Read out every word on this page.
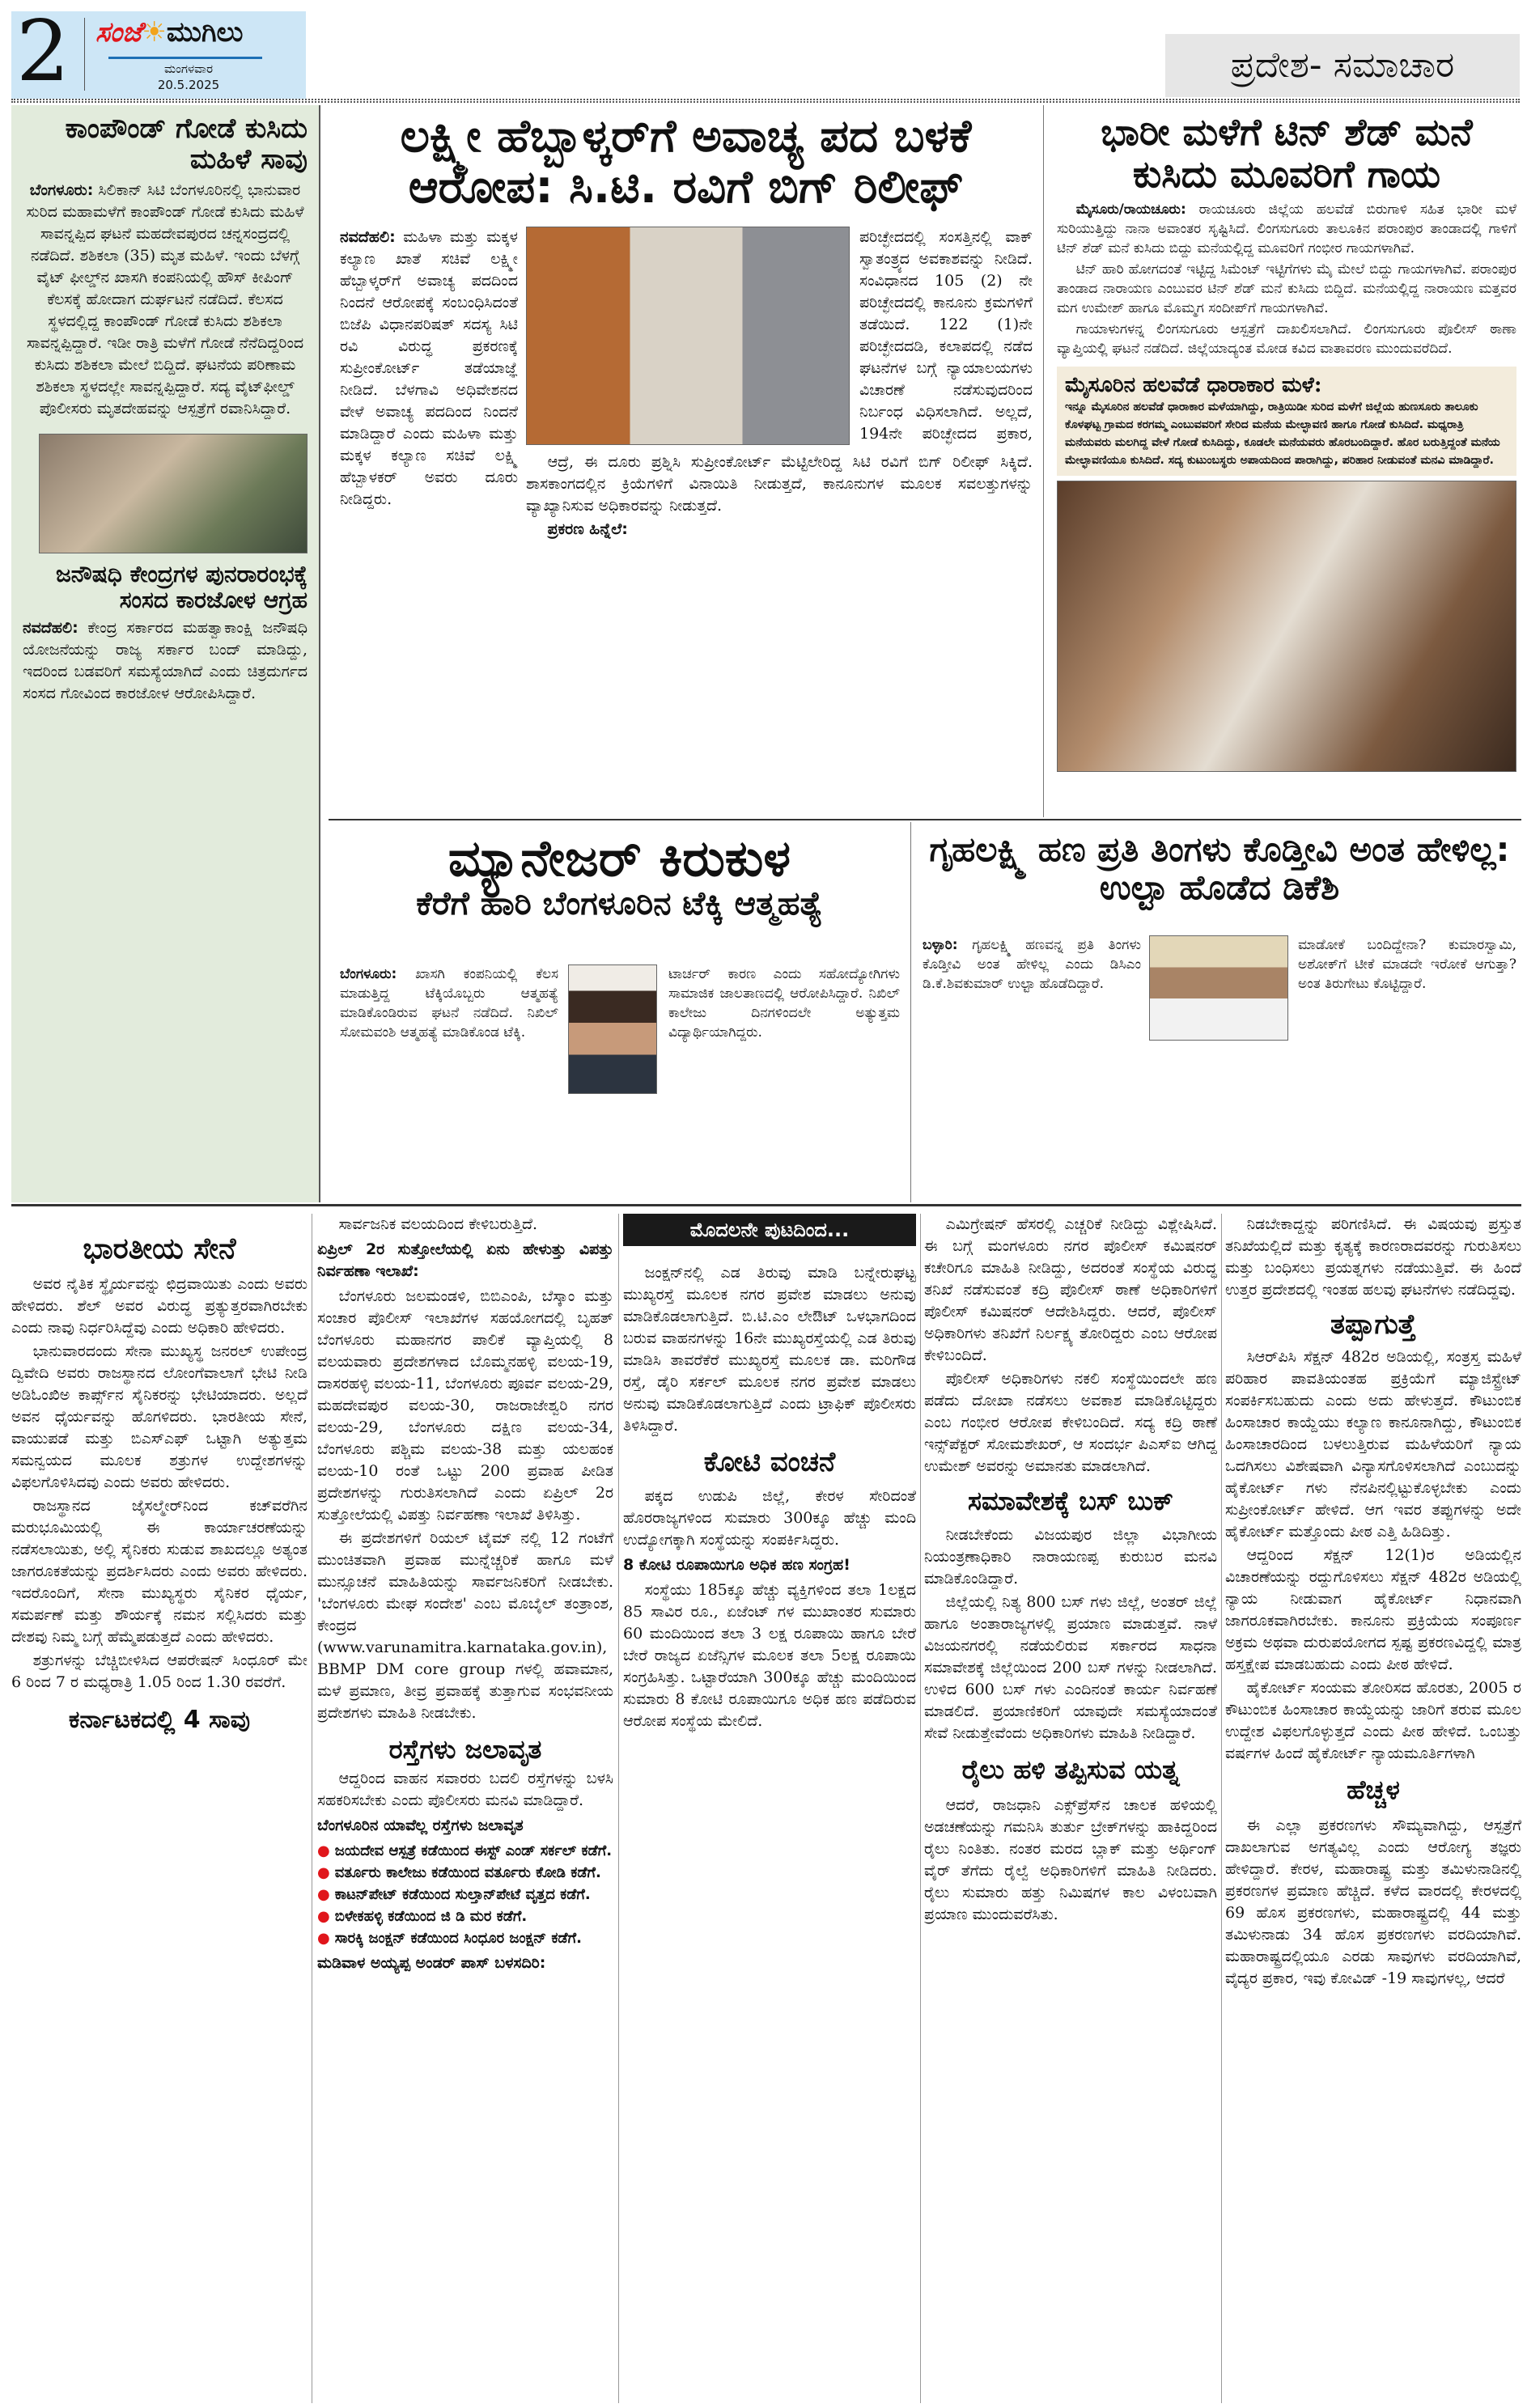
2 ಸಂಜೆ☀ಮುಗಿಲು
ಮಂಗಳವಾರ
20.5.2025	ಪ್ರದೇಶ- ಸಮಾಚಾರ
ಕಾಂಪೌಂಡ್ ಗೋಡೆ ಕುಸಿದು ಮಹಿಳೆ ಸಾವು
ಬೆಂಗಳೂರು: ಸಿಲಿಕಾನ್ ಸಿಟಿ ಬೆಂಗಳೂರಿನಲ್ಲಿ ಭಾನುವಾರ ಸುರಿದ ಮಹಾಮಳೆಗೆ ಕಾಂಪೌಂಡ್ ಗೋಡೆ ಕುಸಿದು ಮಹಿಳೆ ಸಾವನ್ನಪ್ಪಿದ ಘಟನೆ ಮಹದೇವಪುರದ ಚನ್ನಸಂದ್ರದಲ್ಲಿ ನಡೆದಿದೆ. ಶಶಿಕಲಾ (35) ಮೃತ ಮಹಿಳೆ. ಇಂದು ಬೆಳಗ್ಗೆ ವೈಟ್ ಫೀಲ್ಡ್‌ನ ಖಾಸಗಿ ಕಂಪನಿಯಲ್ಲಿ ಹೌಸ್ ಕೀಪಿಂಗ್ ಕೆಲಸಕ್ಕೆ ಹೋದಾಗ ದುರ್ಘಟನೆ ನಡೆದಿದೆ. ಕೆಲಸದ ಸ್ಥಳದಲ್ಲಿದ್ದ ಕಾಂಪೌಂಡ್ ಗೋಡೆ ಕುಸಿದು ಶಶಿಕಲಾ ಸಾವನ್ನಪ್ಪಿದ್ದಾರೆ. ಇಡೀ ರಾತ್ರಿ ಮಳೆಗೆ ಗೋಡೆ ನೆನೆದಿದ್ದರಿಂದ ಕುಸಿದು ಶಶಿಕಲಾ ಮೇಲೆ ಬಿದ್ದಿದೆ. ಘಟನೆಯ ಪರಿಣಾಮ ಶಶಿಕಲಾ ಸ್ಥಳದಲ್ಲೇ ಸಾವನ್ನಪ್ಪಿದ್ದಾರೆ. ಸದ್ಯ ವೈಟ್‌ಫೀಲ್ಡ್ ಪೊಲೀಸರು ಮೃತದೇಹವನ್ನು ಆಸ್ಪತ್ರೆಗೆ ರವಾನಿಸಿದ್ದಾರೆ.
ಜನೌಷಧಿ ಕೇಂದ್ರಗಳ ಪುನರಾರಂಭಕ್ಕೆ ಸಂಸದ ಕಾರಜೋಳ ಆಗ್ರಹ
ನವದೆಹಲಿ: ಕೇಂದ್ರ ಸರ್ಕಾರದ ಮಹತ್ವಾಕಾಂಕ್ಷಿ ಜನೌಷಧಿ ಯೋಜನೆಯನ್ನು ರಾಜ್ಯ ಸರ್ಕಾರ ಬಂದ್ ಮಾಡಿದ್ದು, ಇದರಿಂದ ಬಡವರಿಗೆ ಸಮಸ್ಯೆಯಾಗಿದೆ ಎಂದು ಚಿತ್ರದುರ್ಗದ ಸಂಸದ ಗೋವಿಂದ ಕಾರಜೋಳ ಆರೋಪಿಸಿದ್ದಾರೆ.
ಲಕ್ಷ್ಮೀ ಹೆಬ್ಬಾಳ್ಕರ್‌ಗೆ ಅವಾಚ್ಯ ಪದ ಬಳಕೆ ಆರೋಪ: ಸಿ.ಟಿ. ರವಿಗೆ ಬಿಗ್ ರಿಲೀಫ್
ನವದೆಹಲಿ: ಮಹಿಳಾ ಮತ್ತು ಮಕ್ಕಳ ಕಲ್ಯಾಣ ಖಾತೆ ಸಚಿವೆ ಲಕ್ಷ್ಮೀ ಹೆಬ್ಬಾಳ್ಕರ್‌ಗೆ ಅವಾಚ್ಯ ಪದದಿಂದ ನಿಂದನೆ ಆರೋಪಕ್ಕೆ ಸಂಬಂಧಿಸಿದಂತೆ ಬಿಜೆಪಿ ವಿಧಾನಪರಿಷತ್ ಸದಸ್ಯ ಸಿಟಿ ರವಿ ವಿರುದ್ಧ ಪ್ರಕರಣಕ್ಕೆ ಸುಪ್ರೀಂಕೋರ್ಟ್ ತಡೆಯಾಜ್ಞೆ ನೀಡಿದೆ. ಬೆಳಗಾವಿ ಅಧಿವೇಶನದ ವೇಳೆ ಅವಾಚ್ಯ ಪದದಿಂದ ನಿಂದನೆ ಮಾಡಿದ್ದಾರೆ ಎಂದು ಮಹಿಳಾ ಮತ್ತು ಮಕ್ಕಳ ಕಲ್ಯಾಣ ಸಚಿವೆ ಲಕ್ಷ್ಮಿ ಹೆಬ್ಬಾಳಕರ್ ಅವರು ದೂರು ನೀಡಿದ್ದರು.
ಪರಿಚ್ಛೇದದಲ್ಲಿ ಸಂಸತ್ತಿನಲ್ಲಿ ವಾಕ್ ಸ್ವಾತಂತ್ರ್ಯದ ಅವಕಾಶವನ್ನು ನೀಡಿದೆ. ಸಂವಿಧಾನದ 105 (2) ನೇ ಪರಿಚ್ಛೇದದಲ್ಲಿ ಕಾನೂನು ಕ್ರಮಗಳಿಗೆ ತಡೆಯಿದೆ. 122 (1)ನೇ ಪರಿಚ್ಛೇದದಡಿ, ಕಲಾಪದಲ್ಲಿ ನಡೆದ ಘಟನೆಗಳ ಬಗ್ಗೆ ನ್ಯಾಯಾಲಯಗಳು ವಿಚಾರಣೆ ನಡೆಸುವುದರಿಂದ ನಿರ್ಬಂಧ ವಿಧಿಸಲಾಗಿದೆ. ಅಲ್ಲದೆ, 194ನೇ ಪರಿಚ್ಛೇದದ ಪ್ರಕಾರ,

ಆದ್ರೆ, ಈ ದೂರು ಪ್ರಶ್ನಿಸಿ ಸುಪ್ರೀಂಕೋರ್ಟ್ ಮೆಟ್ಟಿಲೇರಿದ್ದ ಸಿಟಿ ರವಿಗೆ ಬಿಗ್ ರಿಲೀಫ್ ಸಿಕ್ಕಿದೆ. ಶಾಸಕಾಂಗದಲ್ಲಿನ ಕ್ರಿಯೆಗಳಿಗೆ ವಿನಾಯಿತಿ ನೀಡುತ್ತದೆ, ಕಾನೂನುಗಳ ಮೂಲಕ ಸವಲತ್ತುಗಳನ್ನು ವ್ಯಾಖ್ಯಾನಿಸುವ ಅಧಿಕಾರವನ್ನು ನೀಡುತ್ತದೆ.

ಪ್ರಕರಣ ಹಿನ್ನೆಲೆ:

ಭಾರೀ ಮಳೆಗೆ ಟಿನ್ ಶೆಡ್ ಮನೆ ಕುಸಿದು ಮೂವರಿಗೆ ಗಾಯ

ಮೈಸೂರು/ರಾಯಚೂರು: ರಾಯಚೂರು ಜಿಲ್ಲೆಯ ಹಲವೆಡೆ ಬಿರುಗಾಳಿ ಸಹಿತ ಭಾರೀ ಮಳೆ ಸುರಿಯುತ್ತಿದ್ದು ನಾನಾ ಅವಾಂತರ ಸೃಷ್ಟಿಸಿದೆ. ಲಿಂಗಸುಗೂರು ತಾಲೂಕಿನ ಪರಾಂಪುರ ತಾಂಡಾದಲ್ಲಿ ಗಾಳಿಗೆ ಟಿನ್ ಶೆಡ್ ಮನೆ ಕುಸಿದು ಬಿದ್ದು ಮನೆಯಲ್ಲಿದ್ದ ಮೂವರಿಗೆ ಗಂಭೀರ ಗಾಯಗಳಾಗಿವೆ.

ಟಿನ್ ಹಾರಿ ಹೋಗದಂತೆ ಇಟ್ಟಿದ್ದ ಸಿಮೆಂಟ್ ಇಟ್ಟಿಗೆಗಳು ಮೈ ಮೇಲೆ ಬಿದ್ದು ಗಾಯಗಳಾಗಿವೆ. ಪರಾಂಪುರ ತಾಂಡಾದ ನಾರಾಯಣ ಎಂಬುವರ ಟಿನ್ ಶೆಡ್ ಮನೆ ಕುಸಿದು ಬಿದ್ದಿದೆ. ಮನೆಯಲ್ಲಿದ್ದ ನಾರಾಯಣ ಮತ್ತವರ ಮಗ ಉಮೇಶ್ ಹಾಗೂ ಮೊಮ್ಮಗ ಸಂದೀಪ್‌ಗೆ ಗಾಯಗಳಾಗಿವೆ.

ಗಾಯಾಳುಗಳನ್ನ ಲಿಂಗಸುಗೂರು ಆಸ್ಪತ್ರೆಗೆ ದಾಖಲಿಸಲಾಗಿದೆ. ಲಿಂಗಸುಗೂರು ಪೊಲೀಸ್ ಠಾಣಾ ವ್ಯಾಪ್ತಿಯಲ್ಲಿ ಘಟನೆ ನಡೆದಿದೆ. ಜಿಲ್ಲೆಯಾದ್ಯಂತ ಮೋಡ ಕವಿದ ವಾತಾವರಣ ಮುಂದುವರೆದಿದೆ.

ಮೈಸೂರಿನ ಹಲವೆಡೆ ಧಾರಾಕಾರ ಮಳೆ:
ಇನ್ನೂ ಮೈಸೂರಿನ ಹಲವೆಡೆ ಧಾರಾಕಾರ ಮಳೆಯಾಗಿದ್ದು, ರಾತ್ರಿಯಿಡೀ ಸುರಿದ ಮಳೆಗೆ ಜಿಲ್ಲೆಯ ಹುಣಸೂರು ತಾಲೂಕು ಕೊಳಘಟ್ಟ ಗ್ರಾಮದ ಕರಗಮ್ಮ ಎಂಬುವವರಿಗೆ ಸೇರಿದ ಮನೆಯ ಮೇಲ್ಛಾವಣಿ ಹಾಗೂ ಗೋಡೆ ಕುಸಿದಿದೆ. ಮಧ್ಯರಾತ್ರಿ ಮನೆಯವರು ಮಲಗಿದ್ದ ವೇಳೆ ಗೋಡೆ ಕುಸಿದಿದ್ದು, ಕೂಡಲೇ ಮನೆಯವರು ಹೊರಬಂದಿದ್ದಾರೆ. ಹೊರ ಬರುತ್ತಿದ್ದಂತೆ ಮನೆಯ ಮೇಲ್ಛಾವಣಿಯೂ ಕುಸಿದಿದೆ. ಸದ್ಯ ಕುಟುಂಬಸ್ಥರು ಅಪಾಯದಿಂದ ಪಾರಾಗಿದ್ದು, ಪರಿಹಾರ ನೀಡುವಂತೆ ಮನವಿ ಮಾಡಿದ್ದಾರೆ.
ಮ್ಯಾನೇಜರ್ ಕಿರುಕುಳ
ಕೆರೆಗೆ ಹಾರಿ ಬೆಂಗಳೂರಿನ ಟೆಕ್ಕಿ ಆತ್ಮಹತ್ಯೆ
ಬೆಂಗಳೂರು: ಖಾಸಗಿ ಕಂಪನಿಯಲ್ಲಿ ಕೆಲಸ ಮಾಡುತ್ತಿದ್ದ ಟೆಕ್ಕಿಯೊಬ್ಬರು ಆತ್ಮಹತ್ಯೆ ಮಾಡಿಕೊಂಡಿರುವ ಘಟನೆ ನಡೆದಿದೆ. ನಿಖಿಲ್ ಸೋಮವಂಶಿ ಆತ್ಮಹತ್ಯೆ ಮಾಡಿಕೊಂಡ ಟೆಕ್ಕಿ.
ಟಾರ್ಚರ್ ಕಾರಣ ಎಂದು ಸಹೋದ್ಯೋಗಿಗಳು ಸಾಮಾಜಿಕ ಜಾಲತಾಣದಲ್ಲಿ ಆರೋಪಿಸಿದ್ದಾರೆ. ನಿಖಿಲ್ ಕಾಲೇಜು ದಿನಗಳಿಂದಲೇ ಅತ್ಯುತ್ತಮ ವಿದ್ಯಾರ್ಥಿಯಾಗಿದ್ದರು.
ಗೃಹಲಕ್ಷ್ಮಿ ಹಣ ಪ್ರತಿ ತಿಂಗಳು ಕೊಡ್ತೀವಿ ಅಂತ ಹೇಳಿಲ್ಲ: ಉಲ್ಟಾ ಹೊಡೆದ ಡಿಕೆಶಿ
ಬಳ್ಳಾರಿ: ಗೃಹಲಕ್ಷ್ಮಿ ಹಣವನ್ನ ಪ್ರತಿ ತಿಂಗಳು ಕೊಡ್ತೀವಿ ಅಂತ ಹೇಳಿಲ್ಲ ಎಂದು ಡಿಸಿಎಂ ಡಿ.ಕೆ.ಶಿವಕುಮಾರ್ ಉಲ್ಟಾ ಹೊಡೆದಿದ್ದಾರೆ.
ಮಾಡೋಕೆ ಬಂದಿದ್ದೇನಾ? ಕುಮಾರಸ್ವಾಮಿ, ಅಶೋಕ್‌ಗೆ ಟೀಕೆ ಮಾಡದೇ ಇರೋಕೆ ಆಗುತ್ತಾ? ಅಂತ ತಿರುಗೇಟು ಕೊಟ್ಟಿದ್ದಾರೆ.
ಭಾರತೀಯ ಸೇನೆ

ಅವರ ನೈತಿಕ ಸ್ಥೈರ್ಯವನ್ನು ಛಿದ್ರವಾಯಿತು ಎಂದು ಅವರು ಹೇಳಿದರು. ಶೆಲ್ ಅವರ ವಿರುದ್ಧ ಪ್ರತ್ಯುತ್ತರವಾಗಿರಬೇಕು ಎಂದು ನಾವು ನಿರ್ಧರಿಸಿದ್ದೆವು ಎಂದು ಅಧಿಕಾರಿ ಹೇಳಿದರು.

ಭಾನುವಾರದಂದು ಸೇನಾ ಮುಖ್ಯಸ್ಥ ಜನರಲ್ ಉಪೇಂದ್ರ ದ್ವಿವೇದಿ ಅವರು ರಾಜಸ್ಥಾನದ ಲೋಂಗೆವಾಲಾಗೆ ಭೇಟಿ ನೀಡಿ ಅಡಿಓಂಖಿಅ ಕಾರ್ಪ್ಸ್‌ನ ಸೈನಿಕರನ್ನು ಭೇಟಿಯಾದರು. ಅಲ್ಲದೆ ಅವನ ಧೈರ್ಯವನ್ನು ಹೊಗಳಿದರು. ಭಾರತೀಯ ಸೇನೆ, ವಾಯುಪಡೆ ಮತ್ತು ಬಿಎಸ್‌ಎಫ್ ಒಟ್ಟಾಗಿ ಅತ್ಯುತ್ತಮ ಸಮನ್ವಯದ ಮೂಲಕ ಶತ್ರುಗಳ ಉದ್ದೇಶಗಳನ್ನು ವಿಫಲಗೊಳಿಸಿದವು ಎಂದು ಅವರು ಹೇಳಿದರು.

ರಾಜಸ್ಥಾನದ ಜೈಸಲ್ಮೇರ್‌ನಿಂದ ಕಚ್‌ವರೆಗಿನ ಮರುಭೂಮಿಯಲ್ಲಿ ಈ ಕಾರ್ಯಾಚರಣೆಯನ್ನು ನಡೆಸಲಾಯಿತು, ಅಲ್ಲಿ ಸೈನಿಕರು ಸುಡುವ ಶಾಖದಲ್ಲೂ ಅತ್ಯಂತ ಜಾಗರೂಕತೆಯನ್ನು ಪ್ರದರ್ಶಿಸಿದರು ಎಂದು ಅವರು ಹೇಳಿದರು. ಇದರೊಂದಿಗೆ, ಸೇನಾ ಮುಖ್ಯಸ್ಥರು ಸೈನಿಕರ ಧೈರ್ಯ, ಸಮರ್ಪಣೆ ಮತ್ತು ಶೌರ್ಯಕ್ಕೆ ನಮನ ಸಲ್ಲಿಸಿದರು ಮತ್ತು ದೇಶವು ನಿಮ್ಮ ಬಗ್ಗೆ ಹೆಮ್ಮೆಪಡುತ್ತದೆ ಎಂದು ಹೇಳಿದರು.

ಶತ್ರುಗಳನ್ನು ಬೆಚ್ಚಿಬೀಳಿಸಿದ ಆಪರೇಷನ್ ಸಿಂಧೂರ್ ಮೇ 6 ರಿಂದ 7 ರ ಮಧ್ಯರಾತ್ರಿ 1.05 ರಿಂದ 1.30 ರವರೆಗೆ.

ಕರ್ನಾಟಕದಲ್ಲಿ 4 ಸಾವು

ಸಾರ್ವಜನಿಕ ವಲಯದಿಂದ ಕೇಳಿಬರುತ್ತಿದೆ.

ಏಪ್ರಿಲ್ 2ರ ಸುತ್ತೋಲೆಯಲ್ಲಿ ಏನು ಹೇಳುತ್ತು ವಿಪತ್ತು ನಿರ್ವಹಣಾ ಇಲಾಖೆ:

ಬೆಂಗಳೂರು ಜಲಮಂಡಳಿ, ಬಿಬಿಎಂಪಿ, ಬೆಸ್ಕಾಂ ಮತ್ತು ಸಂಚಾರ ಪೊಲೀಸ್ ಇಲಾಖೆಗಳ ಸಹಯೋಗದಲ್ಲಿ ಬೃಹತ್ ಬೆಂಗಳೂರು ಮಹಾನಗರ ಪಾಲಿಕೆ ವ್ಯಾಪ್ತಿಯಲ್ಲಿ 8 ವಲಯವಾರು ಪ್ರದೇಶಗಳಾದ ಬೊಮ್ಮನಹಳ್ಳಿ ವಲಯ-19, ದಾಸರಹಳ್ಳಿ ವಲಯ-11, ಬೆಂಗಳೂರು ಪೂರ್ವ ವಲಯ-29, ಮಹದೇವಪುರ ವಲಯ-30, ರಾಜರಾಜೇಶ್ವರಿ ನಗರ ವಲಯ-29, ಬೆಂಗಳೂರು ದಕ್ಷಿಣ ವಲಯ-34, ಬೆಂಗಳೂರು ಪಶ್ಚಿಮ ವಲಯ-38 ಮತ್ತು ಯಲಹಂಕ ವಲಯ-10 ರಂತೆ ಒಟ್ಟು 200 ಪ್ರವಾಹ ಪೀಡಿತ ಪ್ರದೇಶಗಳನ್ನು ಗುರುತಿಸಲಾಗಿದೆ ಎಂದು ಏಪ್ರಿಲ್ 2ರ ಸುತ್ತೋಲೆಯಲ್ಲಿ ವಿಪತ್ತು ನಿರ್ವಹಣಾ ಇಲಾಖೆ ತಿಳಿಸಿತ್ತು.

ಈ ಪ್ರದೇಶಗಳಿಗೆ ರಿಯಲ್ ಟೈಮ್ ನಲ್ಲಿ 12 ಗಂಟೆಗೆ ಮುಂಚಿತವಾಗಿ ಪ್ರವಾಹ ಮುನ್ನೆಚ್ಚರಿಕೆ ಹಾಗೂ ಮಳೆ ಮುನ್ಸೂಚನೆ ಮಾಹಿತಿಯನ್ನು ಸಾರ್ವಜನಿಕರಿಗೆ ನೀಡಬೇಕು. 'ಬೆಂಗಳೂರು ಮೇಘ ಸಂದೇಶ' ಎಂಬ ಮೊಬೈಲ್ ತಂತ್ರಾಂಶ, ಕೇಂದ್ರದ (www.varunamitra.karnataka.gov.in), BBMP DM core group ಗಳಲ್ಲಿ ಹವಾಮಾನ, ಮಳೆ ಪ್ರಮಾಣ, ತೀವ್ರ ಪ್ರವಾಹಕ್ಕೆ ತುತ್ತಾಗುವ ಸಂಭವನೀಯ ಪ್ರದೇಶಗಳು ಮಾಹಿತಿ ನೀಡಬೇಕು.

ರಸ್ತೆಗಳು ಜಲಾವೃತ

ಆದ್ದರಿಂದ ವಾಹನ ಸವಾರರು ಬದಲಿ ರಸ್ತೆಗಳನ್ನು ಬಳಸಿ ಸಹಕರಿಸಬೇಕು ಎಂದು ಪೊಲೀಸರು ಮನವಿ ಮಾಡಿದ್ದಾರೆ.

ಬೆಂಗಳೂರಿನ ಯಾವೆಲ್ಲ ರಸ್ತೆಗಳು ಜಲಾವೃತ
● ಜಯದೇವ ಆಸ್ಪತ್ರೆ ಕಡೆಯಿಂದ ಈಸ್ಟ್ ಎಂಡ್ ಸರ್ಕಲ್ ಕಡೆಗೆ.
● ವರ್ತೂರು ಕಾಲೇಜು ಕಡೆಯಿಂದ ವರ್ತೂರು ಕೋಡಿ ಕಡೆಗೆ.
● ಕಾಟನ್‌ಪೇಟ್ ಕಡೆಯಿಂದ ಸುಲ್ತಾನ್‌ಪೇಟೆ ವೃತ್ತದ ಕಡೆಗೆ.
● ಬಿಳೇಕಹಳ್ಳಿ ಕಡೆಯಿಂದ ಜಿ ಡಿ ಮರ ಕಡೆಗೆ.
● ಸಾರಕ್ಕಿ ಜಂಕ್ಷನ್ ಕಡೆಯಿಂದ ಸಿಂಧೂರ ಜಂಕ್ಷನ್ ಕಡೆಗೆ.
ಮಡಿವಾಳ ಅಯ್ಯಪ್ಪ ಅಂಡರ್ ಪಾಸ್ ಬಳಸದಿರಿ:
ಮೊದಲನೇ ಪುಟದಿಂದ...

ಜಂಕ್ಷನ್‌ನಲ್ಲಿ ಎಡ ತಿರುವು ಮಾಡಿ ಬನ್ನೇರುಘಟ್ಟ ಮುಖ್ಯರಸ್ತೆ ಮೂಲಕ ನಗರ ಪ್ರವೇಶ ಮಾಡಲು ಅನುವು ಮಾಡಿಕೊಡಲಾಗುತ್ತಿದೆ. ಬಿ.ಟಿ.ಎಂ ಲೇಔಟ್ ಒಳಭಾಗದಿಂದ ಬರುವ ವಾಹನಗಳನ್ನು 16ನೇ ಮುಖ್ಯರಸ್ತೆಯಲ್ಲಿ ಎಡ ತಿರುವು ಮಾಡಿಸಿ ತಾವರೆಕೆರೆ ಮುಖ್ಯರಸ್ತೆ ಮೂಲಕ ಡಾ. ಮರಿಗೌಡ ರಸ್ತೆ, ಡೈರಿ ಸರ್ಕಲ್ ಮೂಲಕ ನಗರ ಪ್ರವೇಶ ಮಾಡಲು ಅನುವು ಮಾಡಿಕೊಡಲಾಗುತ್ತಿದೆ ಎಂದು ಟ್ರಾಫಿಕ್ ಪೊಲೀಸರು ತಿಳಿಸಿದ್ದಾರೆ.

ಕೋಟಿ ವಂಚನೆ

ಪಕ್ಕದ ಉಡುಪಿ ಜಿಲ್ಲೆ, ಕೇರಳ ಸೇರಿದಂತೆ ಹೊರರಾಜ್ಯಗಳಿಂದ ಸುಮಾರು 300ಕ್ಕೂ ಹೆಚ್ಚು ಮಂದಿ ಉದ್ಯೋಗಕ್ಕಾಗಿ ಸಂಸ್ಥೆಯನ್ನು ಸಂಪರ್ಕಿಸಿದ್ದರು.

8 ಕೋಟಿ ರೂಪಾಯಿಗೂ ಅಧಿಕ ಹಣ ಸಂಗ್ರಹ!

ಸಂಸ್ಥೆಯು 185ಕ್ಕೂ ಹೆಚ್ಚು ವ್ಯಕ್ತಿಗಳಿಂದ ತಲಾ 1ಲಕ್ಷದ 85 ಸಾವಿರ ರೂ., ಏಜೆಂಟ್ ಗಳ ಮುಖಾಂತರ ಸುಮಾರು 60 ಮಂದಿಯಿಂದ ತಲಾ 3 ಲಕ್ಷ ರೂಪಾಯಿ ಹಾಗೂ ಬೇರೆ ಬೇರೆ ರಾಜ್ಯದ ಏಜೆನ್ಸಿಗಳ ಮೂಲಕ ತಲಾ 5ಲಕ್ಷ ರೂಪಾಯಿ ಸಂಗ್ರಹಿಸಿತ್ತು. ಒಟ್ಟಾರೆಯಾಗಿ 300ಕ್ಕೂ ಹೆಚ್ಚು ಮಂದಿಯಿಂದ ಸುಮಾರು 8 ಕೋಟಿ ರೂಪಾಯಿಗೂ ಅಧಿಕ ಹಣ ಪಡೆದಿರುವ ಆರೋಪ ಸಂಸ್ಥೆಯ ಮೇಲಿದೆ.

ಎಮಿಗ್ರೇಷನ್ ಹೆಸರಲ್ಲಿ ಎಚ್ಚರಿಕೆ ನೀಡಿದ್ದು ವಿಶ್ಲೇಷಿಸಿದೆ. ಈ ಬಗ್ಗೆ ಮಂಗಳೂರು ನಗರ ಪೊಲೀಸ್ ಕಮಿಷನರ್ ಕಚೇರಿಗೂ ಮಾಹಿತಿ ನೀಡಿದ್ದು, ಅದರಂತೆ ಸಂಸ್ಥೆಯ ವಿರುದ್ಧ ತನಿಖೆ ನಡೆಸುವಂತೆ ಕದ್ರಿ ಪೊಲೀಸ್ ಠಾಣೆ ಅಧಿಕಾರಿಗಳಿಗೆ ಪೊಲೀಸ್ ಕಮಿಷನರ್ ಆದೇಶಿಸಿದ್ದರು. ಆದರೆ, ಪೊಲೀಸ್ ಅಧಿಕಾರಿಗಳು ತನಿಖೆಗೆ ನಿರ್ಲಕ್ಷ್ಯ ತೋರಿದ್ದರು ಎಂಬ ಆರೋಪ ಕೇಳಿಬಂದಿದೆ.

ಪೊಲೀಸ್ ಅಧಿಕಾರಿಗಳು ನಕಲಿ ಸಂಸ್ಥೆಯಿಂದಲೇ ಹಣ ಪಡೆದು ದೋಖಾ ನಡೆಸಲು ಅವಕಾಶ ಮಾಡಿಕೊಟ್ಟಿದ್ದರು ಎಂಬ ಗಂಭೀರ ಆರೋಪ ಕೇಳಿಬಂದಿದೆ. ಸದ್ಯ ಕದ್ರಿ ಠಾಣೆ ಇನ್ಸ್‌ಪೆಕ್ಟರ್ ಸೋಮಶೇಖರ್, ಆ ಸಂದರ್ಭ ಪಿಎಸ್‌ಐ ಆಗಿದ್ದ ಉಮೇಶ್ ಅವರನ್ನು ಅಮಾನತು ಮಾಡಲಾಗಿದೆ.

ಸಮಾವೇಶಕ್ಕೆ ಬಸ್ ಬುಕ್

ನೀಡಬೇಕೆಂದು ವಿಜಯಪುರ ಜಿಲ್ಲಾ ವಿಭಾಗೀಯ ನಿಯಂತ್ರಣಾಧಿಕಾರಿ ನಾರಾಯಣಪ್ಪ ಕುರುಬರ ಮನವಿ ಮಾಡಿಕೊಂಡಿದ್ದಾರೆ.

ಜಿಲ್ಲೆಯಲ್ಲಿ ನಿತ್ಯ 800 ಬಸ್ ಗಳು ಜಿಲ್ಲೆ, ಅಂತರ್ ಜಿಲ್ಲೆ ಹಾಗೂ ಅಂತಾರಾಜ್ಯಗಳಲ್ಲಿ ಪ್ರಯಾಣ ಮಾಡುತ್ತವೆ. ನಾಳೆ ವಿಜಯನಗರಲ್ಲಿ ನಡೆಯಲಿರುವ ಸರ್ಕಾರದ ಸಾಧನಾ ಸಮಾವೇಶಕ್ಕೆ ಜಿಲ್ಲೆಯಿಂದ 200 ಬಸ್ ಗಳನ್ನು ನೀಡಲಾಗಿದೆ. ಉಳಿದ 600 ಬಸ್ ಗಳು ಎಂದಿನಂತೆ ಕಾರ್ಯ ನಿರ್ವಹಣೆ ಮಾಡಲಿದೆ. ಪ್ರಯಾಣಿಕರಿಗೆ ಯಾವುದೇ ಸಮಸ್ಯೆಯಾದಂತೆ ಸೇವೆ ನೀಡುತ್ತೇವೆಂದು ಅಧಿಕಾರಿಗಳು ಮಾಹಿತಿ ನೀಡಿದ್ದಾರೆ.

ರೈಲು ಹಳಿ ತಪ್ಪಿಸುವ ಯತ್ನ

ಆದರೆ, ರಾಜಧಾನಿ ಎಕ್ಸ್‌ಪ್ರೆಸ್‌ನ ಚಾಲಕ ಹಳಿಯಲ್ಲಿ ಅಡಚಣೆಯನ್ನು ಗಮನಿಸಿ ತುರ್ತು ಬ್ರೇಕ್‌ಗಳನ್ನು ಹಾಕಿದ್ದರಿಂದ ರೈಲು ನಿಂತಿತು. ನಂತರ ಮರದ ಬ್ಲಾಕ್ ಮತ್ತು ಅರ್ಥಿಂಗ್ ವೈರ್ ತೆಗೆದು ರೈಲ್ವೆ ಅಧಿಕಾರಿಗಳಿಗೆ ಮಾಹಿತಿ ನೀಡಿದರು. ರೈಲು ಸುಮಾರು ಹತ್ತು ನಿಮಿಷಗಳ ಕಾಲ ವಿಳಂಬವಾಗಿ ಪ್ರಯಾಣ ಮುಂದುವರೆಸಿತು.

ನಿಡಬೇಕಾದ್ದನ್ನು ಪರಿಗಣಿಸಿದೆ. ಈ ವಿಷಯವು ಪ್ರಸ್ತುತ ತನಿಖೆಯಲ್ಲಿದೆ ಮತ್ತು ಕೃತ್ಯಕ್ಕೆ ಕಾರಣರಾದವರನ್ನು ಗುರುತಿಸಲು ಮತ್ತು ಬಂಧಿಸಲು ಪ್ರಯತ್ನಗಳು ನಡೆಯುತ್ತಿವೆ. ಈ ಹಿಂದೆ ಉತ್ತರ ಪ್ರದೇಶದಲ್ಲಿ ಇಂತಹ ಹಲವು ಘಟನೆಗಳು ನಡೆದಿದ್ದವು.

ತಪ್ಪಾಗುತ್ತೆ

ಸಿಆರ್‌ಪಿಸಿ ಸೆಕ್ಷನ್ 482ರ ಅಡಿಯಲ್ಲಿ, ಸಂತ್ರಸ್ತ ಮಹಿಳೆ ಪರಿಹಾರ ಪಾವತಿಯಂತಹ ಪ್ರಕ್ರಿಯೆಗೆ ಮ್ಯಾಜಿಸ್ಟ್ರೇಟ್ ಸಂಪರ್ಕಿಸಬಹುದು ಎಂದು ಅದು ಹೇಳುತ್ತದೆ. ಕೌಟುಂಬಿಕ ಹಿಂಸಾಚಾರ ಕಾಯ್ದೆಯು ಕಲ್ಯಾಣ ಕಾನೂನಾಗಿದ್ದು, ಕೌಟುಂಬಿಕ ಹಿಂಸಾಚಾರದಿಂದ ಬಳಲುತ್ತಿರುವ ಮಹಿಳೆಯರಿಗೆ ನ್ಯಾಯ ಒದಗಿಸಲು ವಿಶೇಷವಾಗಿ ವಿನ್ಯಾಸಗೊಳಿಸಲಾಗಿದೆ ಎಂಬುದನ್ನು ಹೈಕೋರ್ಟ್ ಗಳು ನೆನಪಿನಲ್ಲಿಟ್ಟುಕೊಳ್ಳಬೇಕು ಎಂದು ಸುಪ್ರೀಂಕೋರ್ಟ್ ಹೇಳಿದೆ. ಆಗ ಇವರ ತಪ್ಪುಗಳನ್ನು ಅದೇ ಹೈಕೋರ್ಟ್ ಮತ್ತೊಂದು ಪೀಠ ಎತ್ತಿ ಹಿಡಿದಿತ್ತು.

ಆದ್ದರಿಂದ ಸೆಕ್ಷನ್ 12(1)ರ ಅಡಿಯಲ್ಲಿನ ವಿಚಾರಣೆಯನ್ನು ರದ್ದುಗೊಳಿಸಲು ಸೆಕ್ಷನ್ 482ರ ಅಡಿಯಲ್ಲಿ ನ್ಯಾಯ ನೀಡುವಾಗ ಹೈಕೋರ್ಟ್ ನಿಧಾನವಾಗಿ ಜಾಗರೂಕವಾಗಿರಬೇಕು. ಕಾನೂನು ಪ್ರಕ್ರಿಯೆಯ ಸಂಪೂರ್ಣ ಅಕ್ರಮ ಅಥವಾ ದುರುಪಯೋಗದ ಸ್ಪಷ್ಟ ಪ್ರಕರಣವಿದ್ದಲ್ಲಿ ಮಾತ್ರ ಹಸ್ತಕ್ಷೇಪ ಮಾಡಬಹುದು ಎಂದು ಪೀಠ ಹೇಳಿದೆ.

ಹೈಕೋರ್ಟ್ ಸಂಯಮ ತೋರಿಸದ ಹೊರತು, 2005 ರ ಕೌಟುಂಬಿಕ ಹಿಂಸಾಚಾರ ಕಾಯ್ದೆಯನ್ನು ಜಾರಿಗೆ ತರುವ ಮೂಲ ಉದ್ದೇಶ ವಿಫಲಗೊಳ್ಳುತ್ತದೆ ಎಂದು ಪೀಠ ಹೇಳಿದೆ. ಒಂಬತ್ತು ವರ್ಷಗಳ ಹಿಂದೆ ಹೈಕೋರ್ಟ್ ನ್ಯಾಯಮೂರ್ತಿಗಳಾಗಿ

ಹೆಚ್ಚಳ

ಈ ಎಲ್ಲಾ ಪ್ರಕರಣಗಳು ಸೌಮ್ಯವಾಗಿದ್ದು, ಆಸ್ಪತ್ರೆಗೆ ದಾಖಲಾಗುವ ಅಗತ್ಯವಿಲ್ಲ ಎಂದು ಆರೋಗ್ಯ ತಜ್ಞರು ಹೇಳಿದ್ದಾರೆ. ಕೇರಳ, ಮಹಾರಾಷ್ಟ್ರ ಮತ್ತು ತಮಿಳುನಾಡಿನಲ್ಲಿ ಪ್ರಕರಣಗಳ ಪ್ರಮಾಣ ಹೆಚ್ಚಿದೆ. ಕಳೆದ ವಾರದಲ್ಲಿ ಕೇರಳದಲ್ಲಿ 69 ಹೊಸ ಪ್ರಕರಣಗಳು, ಮಹಾರಾಷ್ಟ್ರದಲ್ಲಿ 44 ಮತ್ತು ತಮಿಳುನಾಡು 34 ಹೊಸ ಪ್ರಕರಣಗಳು ವರದಿಯಾಗಿವೆ. ಮಹಾರಾಷ್ಟ್ರದಲ್ಲಿಯೂ ಎರಡು ಸಾವುಗಳು ವರದಿಯಾಗಿವೆ, ವೈದ್ಯರ ಪ್ರಕಾರ, ಇವು ಕೋವಿಡ್ -19 ಸಾವುಗಳಲ್ಲ, ಆದರೆ
